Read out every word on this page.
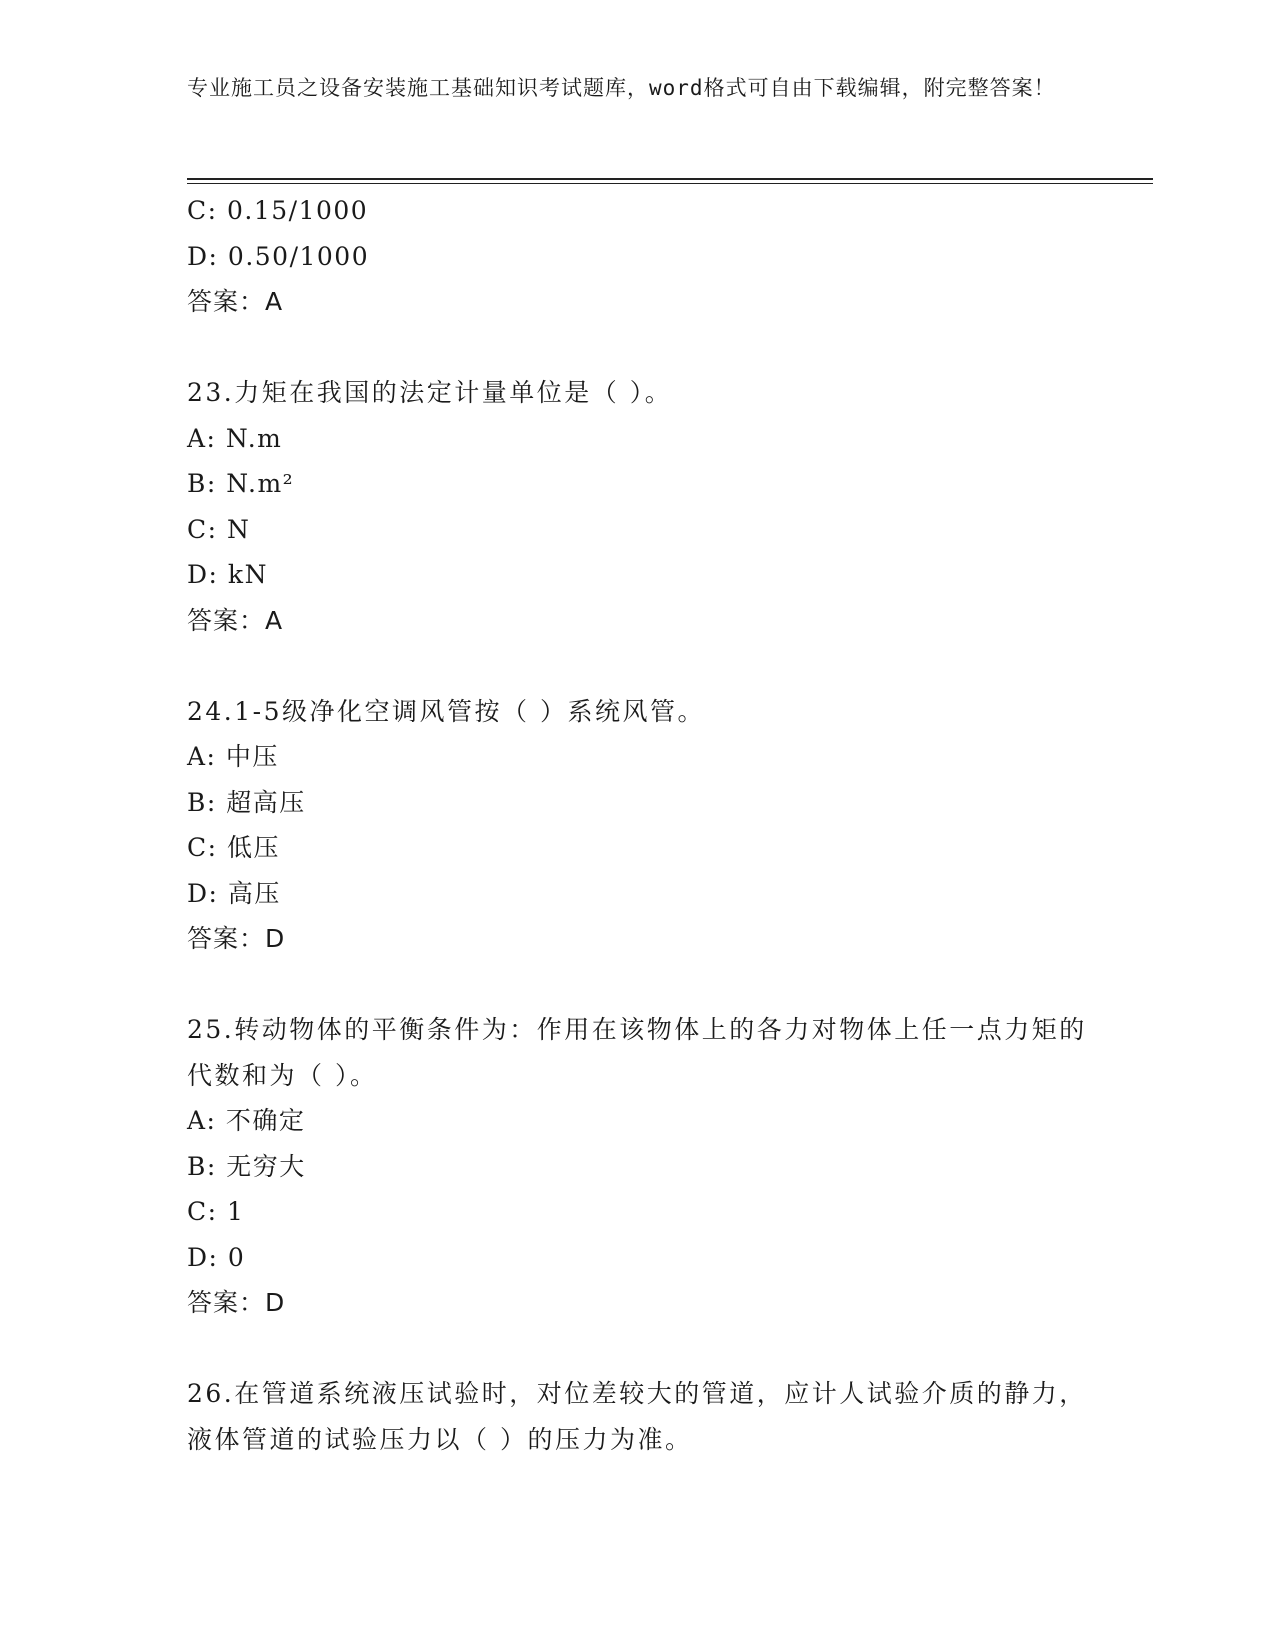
专业施工员之设备安装施工基础知识考试题库，word格式可自由下载编辑，附完整答案！
C: 0.15/1000
D: 0.50/1000
答案：A
23.力矩在我国的法定计量单位是（ ）。
A: N.m
B: N.m²
C: N
D: kN
答案：A
24.1-5级净化空调风管按（ ）系统风管。
A: 中压
B: 超高压
C: 低压
D: 高压
答案：D
25.转动物体的平衡条件为：作用在该物体上的各力对物体上任一点力矩的代数和为（ ）。
A: 不确定
B: 无穷大
C: 1
D: 0
答案：D
26.在管道系统液压试验时，对位差较大的管道，应计人试验介质的静力，液体管道的试验压力以（ ）的压力为准。
